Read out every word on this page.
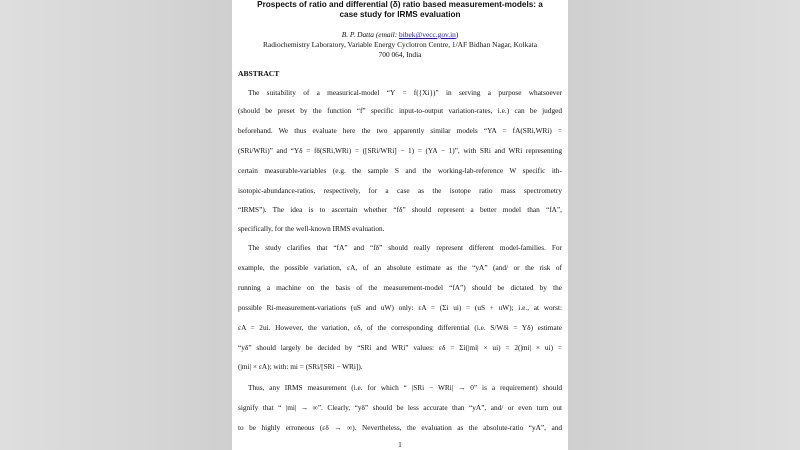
Prospects of ratio and differential (δ) ratio based measurement-models: a
case study for IRMS evaluation
B. P. Datta (email: bibek@vecc.gov.in)
Radiochemistry Laboratory, Variable Energy Cyclotron Centre, 1/AF Bidhan Nagar, Kolkata
700 064, India
ABSTRACT
The suitability of a measurical-model “Y = f({Xi})” in serving a purpose whatsoever
(should be preset by the function “f” specific input-to-output variation-rates, i.e.) can be judged
beforehand. We thus evaluate here the two apparently similar models “YA = fA(SRi,WRi) =
(SRi/WRi)” and “Yδ = fδ(SRi,WRi) = ([SRi/WRi] − 1) = (YA − 1)”, with SRi and WRi representing
certain measurable-variables (e.g. the sample S and the working-lab-reference W specific ith-
isotopic-abundance-ratios, respectively, for a case as the isotope ratio mass spectrometry
“IRMS”). The idea is to ascertain whether “fδ” should represent a better model than “fA”,
specifically, for the well-known IRMS evaluation.
The study clarifies that “fA” and “fδ” should really represent different model-families. For
example, the possible variation, εA, of an absolute estimate as the “yA” (and/ or the risk of
running a machine on the basis of the measurement-model “fA”) should be dictated by the
possible Ri-measurement-variations (uS and uW) only: εA = (Σi ui) = (uS + uW); i.e., at worst:
εA = 2ui. However, the variation, εδ, of the corresponding differential (i.e. S/Wδi = Yδ) estimate
“yδ” should largely be decided by “SRi and WRi” values: εδ = Σi(|mi| × ui) = 2(|mi| × ui) =
(|mi| × εA); with: mi = (SRi/[SRi − WRi]).
Thus, any IRMS measurement (i.e. for which “ |SRi − WRi| → 0” is a requirement) should
signify that “ |mi| → ∞”. Clearly, “yδ” should be less accurate than “yA”, and/ or even turn out
to be highly erroneous (εδ → ∞). Nevertheless, the evaluation as the absolute-ratio “yA”, and
1
